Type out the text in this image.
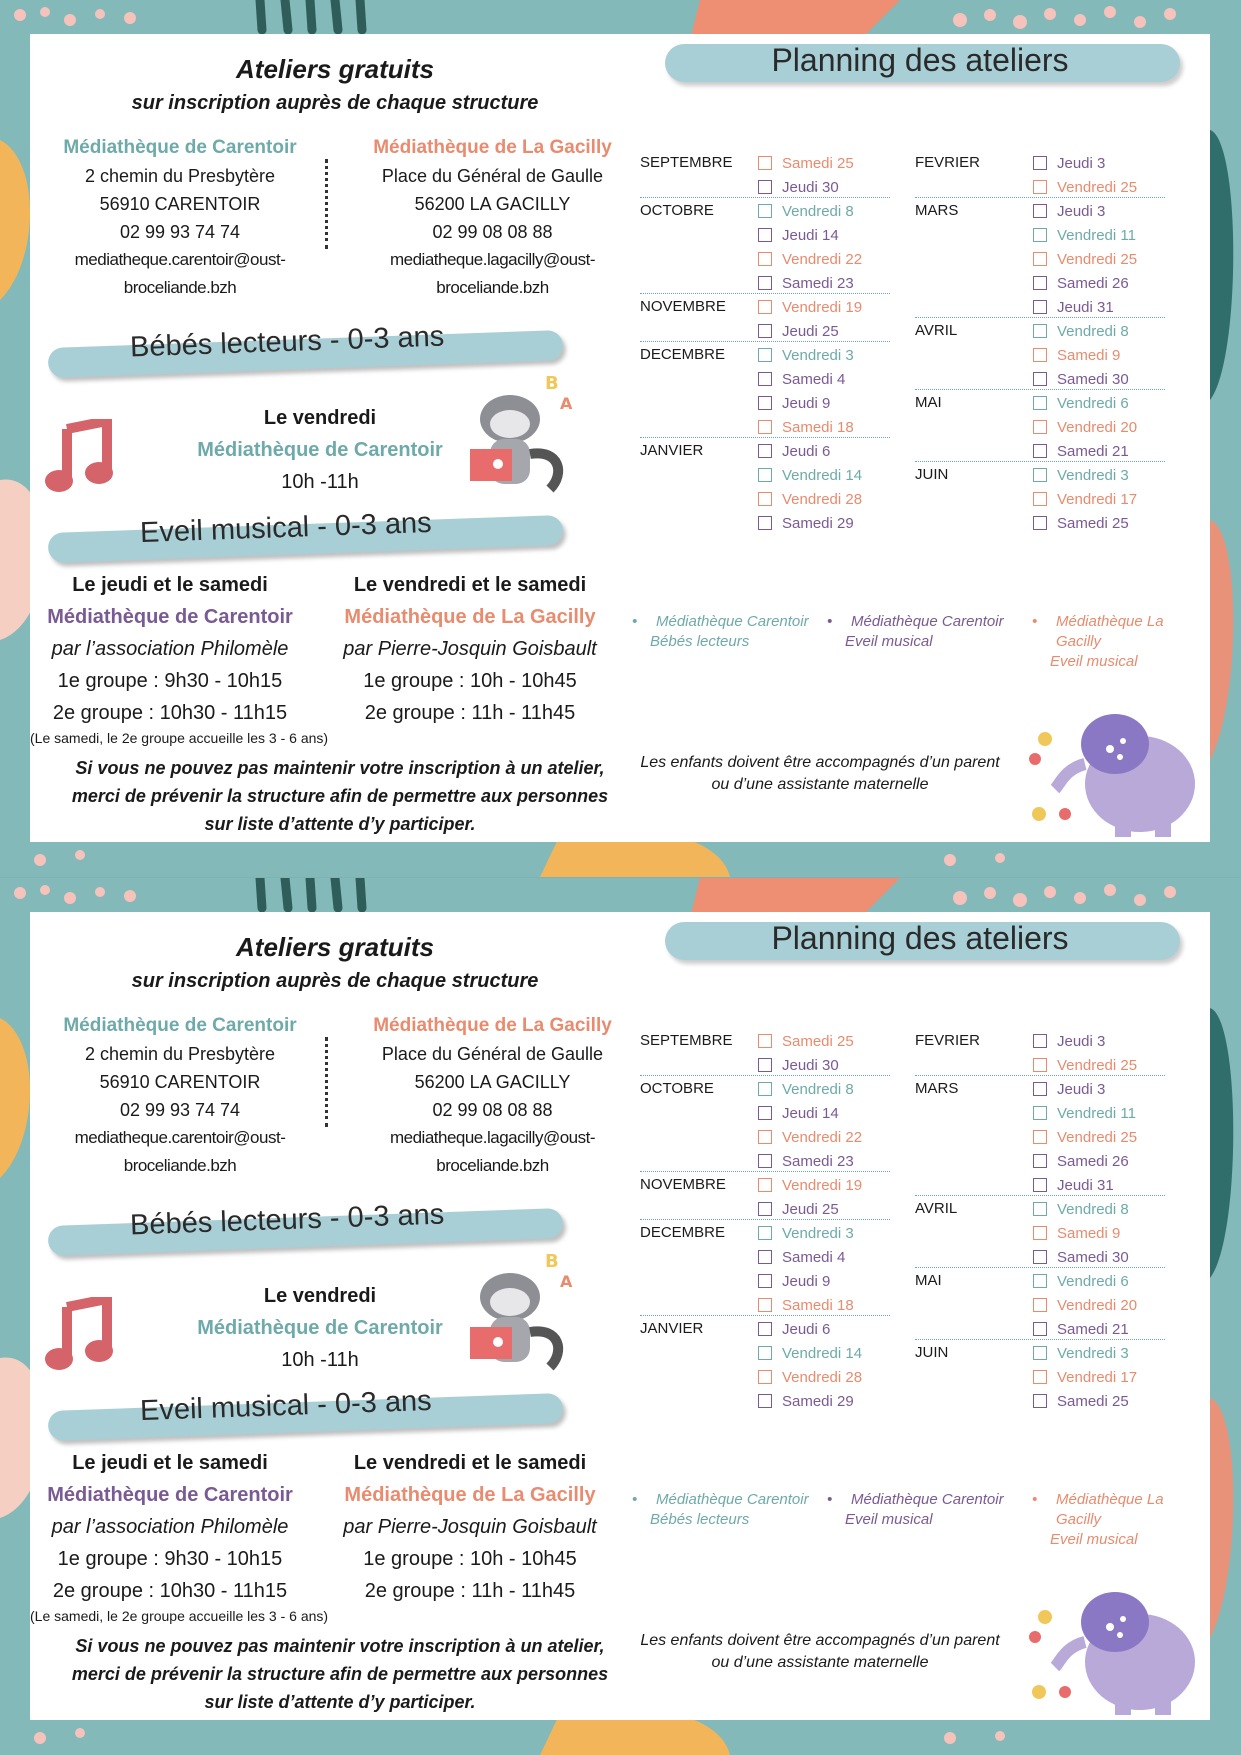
Ateliers gratuits
sur inscription auprès de chaque structure
Médiathèque de Carentoir
2 chemin du Presbytère
56910 CARENTOIR
02 99 93 74 74
mediatheque.carentoir@oust-broceliande.bzh
Médiathèque de La Gacilly
Place du Général de Gaulle
56200 LA GACILLY
02 99 08 08 88
mediatheque.lagacilly@oust-broceliande.bzh
Bébés lecteurs - 0-3 ans
Le vendredi
Médiathèque de Carentoir
10h -11h
B
A
Eveil musical - 0-3 ans
Le jeudi et le samedi
Médiathèque de Carentoir
par l’association Philomèle
1e groupe : 9h30 - 10h15
2e groupe : 10h30 - 11h15
(Le samedi, le 2e groupe accueille les 3 - 6 ans)
Le vendredi et le samedi
Médiathèque de La Gacilly
par Pierre-Josquin Goisbault
1e groupe : 10h - 10h45
2e groupe : 11h - 11h45
Si vous ne pouvez pas maintenir votre inscription à un atelier,
merci de prévenir la structure afin de permettre aux personnes
sur liste d’attente d’y participer.
Planning des ateliers
SEPTEMBRE	Samedi 25
Jeudi 30
OCTOBRE	Vendredi 8
Jeudi 14
Vendredi 22
Samedi 23
NOVEMBRE	Vendredi 19
Jeudi 25
DECEMBRE	Vendredi 3
Samedi 4
Jeudi 9
Samedi 18
JANVIER	Jeudi 6
Vendredi 14
Vendredi 28
Samedi 29
FEVRIER	Jeudi 3
Vendredi 25
MARS	Jeudi 3
Vendredi 11
Vendredi 25
Samedi 26
Jeudi 31
AVRIL	Vendredi 8
Samedi 9
Samedi 30
MAI	Vendredi 6
Vendredi 20
Samedi 21
JUIN	Vendredi 3
Vendredi 17
Samedi 25
•	Médiathèque Carentoir
Bébés lecteurs
•	Médiathèque Carentoir
Eveil musical
•	Médiathèque La Gacilly
Eveil musical
Les enfants doivent être accompagnés d’un parent
ou d’une assistante maternelle
Ateliers gratuits
sur inscription auprès de chaque structure
Médiathèque de Carentoir
2 chemin du Presbytère
56910 CARENTOIR
02 99 93 74 74
mediatheque.carentoir@oust-broceliande.bzh
Médiathèque de La Gacilly
Place du Général de Gaulle
56200 LA GACILLY
02 99 08 08 88
mediatheque.lagacilly@oust-broceliande.bzh
Bébés lecteurs - 0-3 ans
Le vendredi
Médiathèque de Carentoir
10h -11h
B
A
Eveil musical - 0-3 ans
Le jeudi et le samedi
Médiathèque de Carentoir
par l’association Philomèle
1e groupe : 9h30 - 10h15
2e groupe : 10h30 - 11h15
(Le samedi, le 2e groupe accueille les 3 - 6 ans)
Le vendredi et le samedi
Médiathèque de La Gacilly
par Pierre-Josquin Goisbault
1e groupe : 10h - 10h45
2e groupe : 11h - 11h45
Si vous ne pouvez pas maintenir votre inscription à un atelier,
merci de prévenir la structure afin de permettre aux personnes
sur liste d’attente d’y participer.
Planning des ateliers
SEPTEMBRE	Samedi 25
Jeudi 30
OCTOBRE	Vendredi 8
Jeudi 14
Vendredi 22
Samedi 23
NOVEMBRE	Vendredi 19
Jeudi 25
DECEMBRE	Vendredi 3
Samedi 4
Jeudi 9
Samedi 18
JANVIER	Jeudi 6
Vendredi 14
Vendredi 28
Samedi 29
FEVRIER	Jeudi 3
Vendredi 25
MARS	Jeudi 3
Vendredi 11
Vendredi 25
Samedi 26
Jeudi 31
AVRIL	Vendredi 8
Samedi 9
Samedi 30
MAI	Vendredi 6
Vendredi 20
Samedi 21
JUIN	Vendredi 3
Vendredi 17
Samedi 25
•	Médiathèque Carentoir
Bébés lecteurs
•	Médiathèque Carentoir
Eveil musical
•	Médiathèque La Gacilly
Eveil musical
Les enfants doivent être accompagnés d’un parent
ou d’une assistante maternelle
